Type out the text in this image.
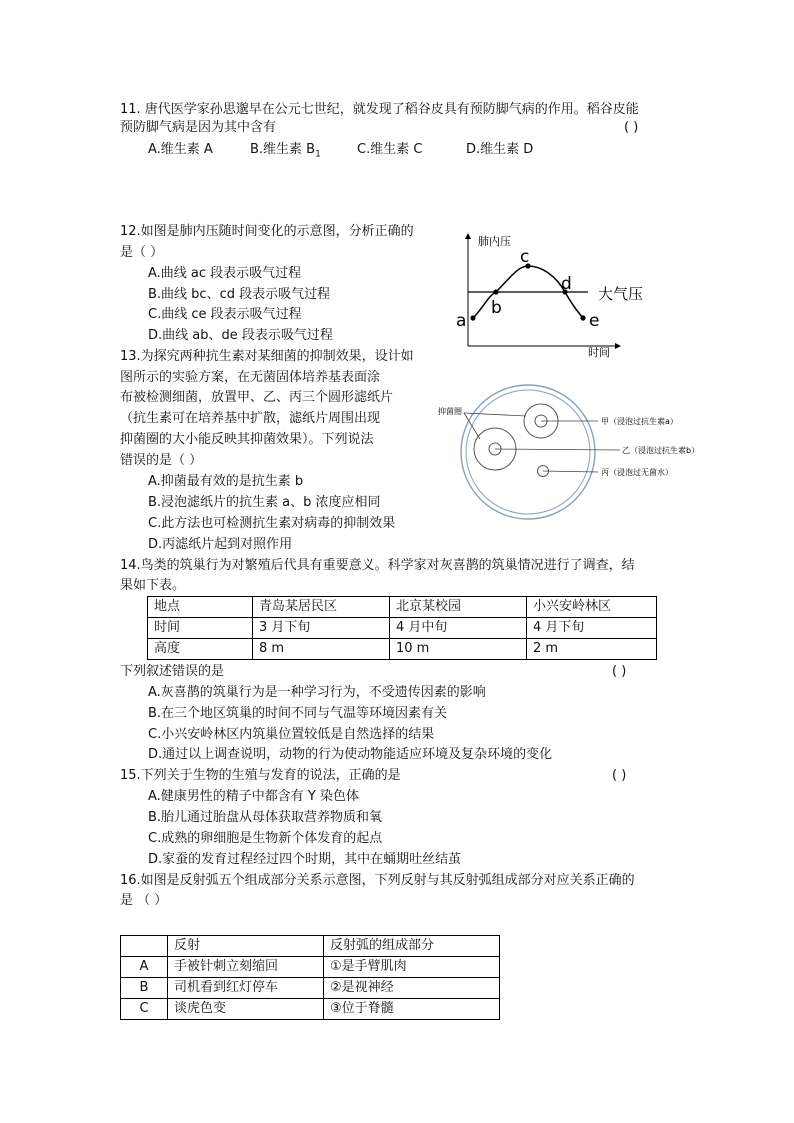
11. 唐代医学家孙思邈早在公元七世纪，就发现了稻谷皮具有预防脚气病的作用。稻谷皮能
预防脚气病是因为其中含有	( )
A.维生素 A	B.维生素 $B_1$	C.维生素 C	D.维生素 D
12.如图是肺内压随时间变化的示意图，分析正确的
是（ ）
A.曲线 ac 段表示吸气过程
B.曲线 bc、cd 段表示吸气过程
C.曲线 ce 段表示吸气过程
D.曲线 ab、de 段表示吸气过程
肺内压
时间
大气压
a
b
c
d
e
13.为探究两种抗生素对某细菌的抑制效果，设计如
图所示的实验方案，在无菌固体培养基表面涂
布被检测细菌，放置甲、乙、丙三个圆形滤纸片
（抗生素可在培养基中扩散，滤纸片周围出现
抑菌圈的大小能反映其抑菌效果）。下列说法
错误的是（ ）
A.抑菌最有效的是抗生素 b
B.浸泡滤纸片的抗生素 a、b 浓度应相同
C.此方法也可检测抗生素对病毒的抑制效果
D.丙滤纸片起到对照作用
抑菌圈
甲（浸泡过抗生素a）
乙（浸泡过抗生素b）
丙（浸泡过无菌水）
14.鸟类的筑巢行为对繁殖后代具有重要意义。科学家对灰喜鹊的筑巢情况进行了调查，结
果如下表。
地点	青岛某居民区	北京某校园	小兴安岭林区
时间	3 月下旬	4 月中旬	4 月下旬
高度	8 m	10 m	2 m
下列叙述错误的是	( )
A.灰喜鹊的筑巢行为是一种学习行为，不受遗传因素的影响
B.在三个地区筑巢的时间不同与气温等环境因素有关
C.小兴安岭林区内筑巢位置较低是自然选择的结果
D.通过以上调查说明，动物的行为使动物能适应环境及复杂环境的变化
15.下列关于生物的生殖与发育的说法，正确的是	( )
A.健康男性的精子中都含有 Y 染色体
B.胎儿通过胎盘从母体获取营养物质和氧
C.成熟的卵细胞是生物新个体发育的起点
D.家蚕的发育过程经过四个时期，其中在蛹期吐丝结茧
16.如图是反射弧五个组成部分关系示意图，下列反射与其反射弧组成部分对应关系正确的
是 （ ）
	反射	反射弧的组成部分
A	手被针刺立刻缩回	①是手臂肌肉
B	司机看到红灯停车	②是视神经
C	谈虎色变	③位于脊髓
